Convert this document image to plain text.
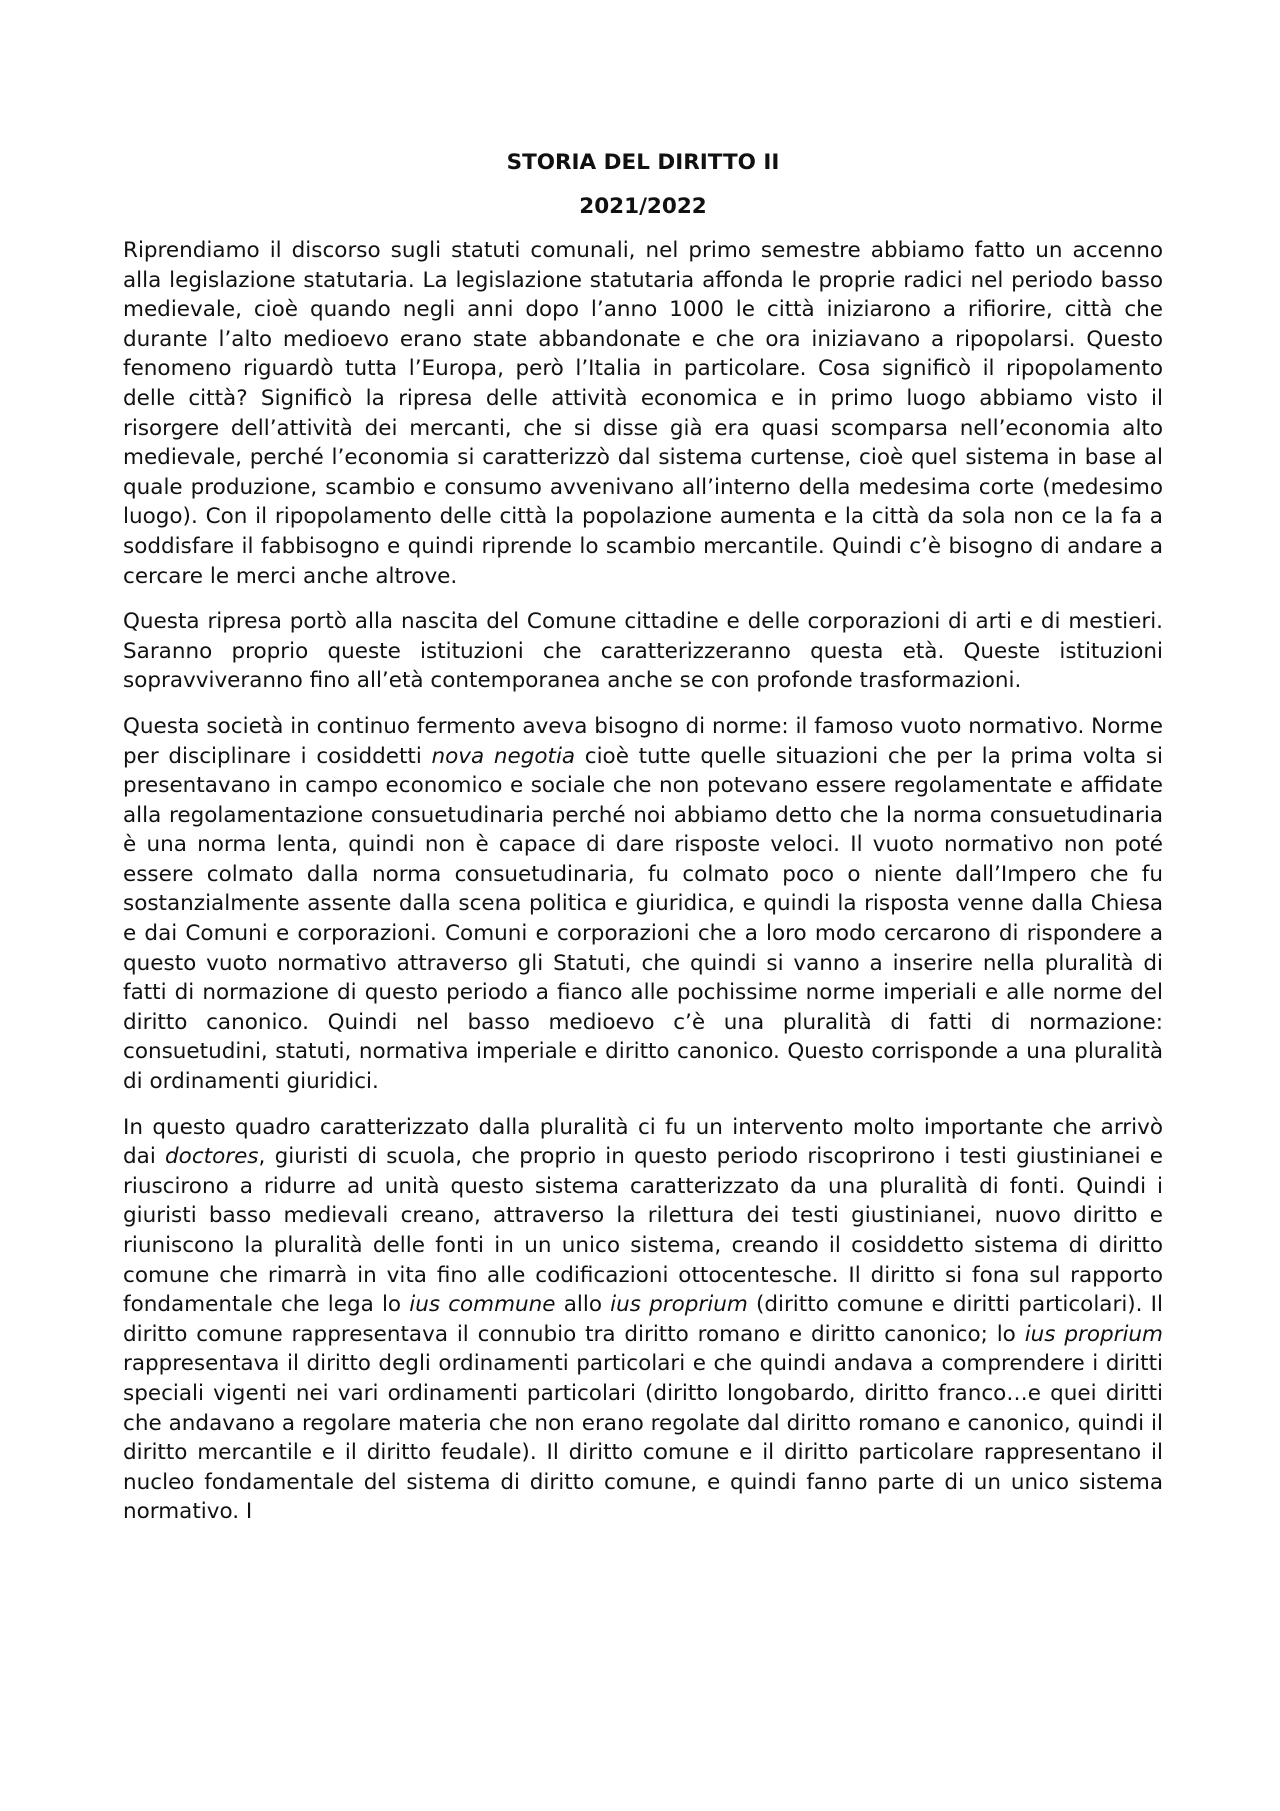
STORIA DEL DIRITTO II

2021/2022

Riprendiamo il discorso sugli statuti comunali, nel primo semestre abbiamo fatto un accenno alla legislazione statutaria. La legislazione statutaria affonda le proprie radici nel periodo basso medievale, cioè quando negli anni dopo l’anno 1000 le città iniziarono a rifiorire, città che durante l’alto medioevo erano state abbandonate e che ora iniziavano a ripopolarsi. Questo fenomeno riguardò tutta l’Europa, però l’Italia in particolare. Cosa significò il ripopolamento delle città? Significò la ripresa delle attività economica e in primo luogo abbiamo visto il risorgere dell’attività dei mercanti, che si disse già era quasi scomparsa nell’economia alto medievale, perché l’economia si caratterizzò dal sistema curtense, cioè quel sistema in base al quale produzione, scambio e consumo avvenivano all’interno della medesima corte (medesimo luogo). Con il ripopolamento delle città la popolazione aumenta e la città da sola non ce la fa a soddisfare il fabbisogno e quindi riprende lo scambio mercantile. Quindi c’è bisogno di andare a cercare le merci anche altrove.

Questa ripresa portò alla nascita del Comune cittadine e delle corporazioni di arti e di mestieri. Saranno proprio queste istituzioni che caratterizzeranno questa età. Queste istituzioni sopravviveranno fino all’età contemporanea anche se con profonde trasformazioni.

Questa società in continuo fermento aveva bisogno di norme: il famoso vuoto normativo. Norme per disciplinare i cosiddetti nova negotia cioè tutte quelle situazioni che per la prima volta si presentavano in campo economico e sociale che non potevano essere regolamentate e affidate alla regolamentazione consuetudinaria perché noi abbiamo detto che la norma consuetudinaria è una norma lenta, quindi non è capace di dare risposte veloci. Il vuoto normativo non poté essere colmato dalla norma consuetudinaria, fu colmato poco o niente dall’Impero che fu sostanzialmente assente dalla scena politica e giuridica, e quindi la risposta venne dalla Chiesa e dai Comuni e corporazioni. Comuni e corporazioni che a loro modo cercarono di rispondere a questo vuoto normativo attraverso gli Statuti, che quindi si vanno a inserire nella pluralità di fatti di normazione di questo periodo a fianco alle pochissime norme imperiali e alle norme del diritto canonico. Quindi nel basso medioevo c’è una pluralità di fatti di normazione: consuetudini, statuti, normativa imperiale e diritto canonico. Questo corrisponde a una pluralità di ordinamenti giuridici.

In questo quadro caratterizzato dalla pluralità ci fu un intervento molto importante che arrivò dai doctores, giuristi di scuola, che proprio in questo periodo riscoprirono i testi giustinianei e riuscirono a ridurre ad unità questo sistema caratterizzato da una pluralità di fonti. Quindi i giuristi basso medievali creano, attraverso la rilettura dei testi giustinianei, nuovo diritto e riuniscono la pluralità delle fonti in un unico sistema, creando il cosiddetto sistema di diritto comune che rimarrà in vita fino alle codificazioni ottocentesche. Il diritto si fona sul rapporto fondamentale che lega lo ius commune allo ius proprium (diritto comune e diritti particolari). Il diritto comune rappresentava il connubio tra diritto romano e diritto canonico; lo ius proprium rappresentava il diritto degli ordinamenti particolari e che quindi andava a comprendere i diritti speciali vigenti nei vari ordinamenti particolari (diritto longobardo, diritto franco…e quei diritti che andavano a regolare materia che non erano regolate dal diritto romano e canonico, quindi il diritto mercantile e il diritto feudale). Il diritto comune e il diritto particolare rappresentano il nucleo fondamentale del sistema di diritto comune, e quindi fanno parte di un unico sistema normativo. I
